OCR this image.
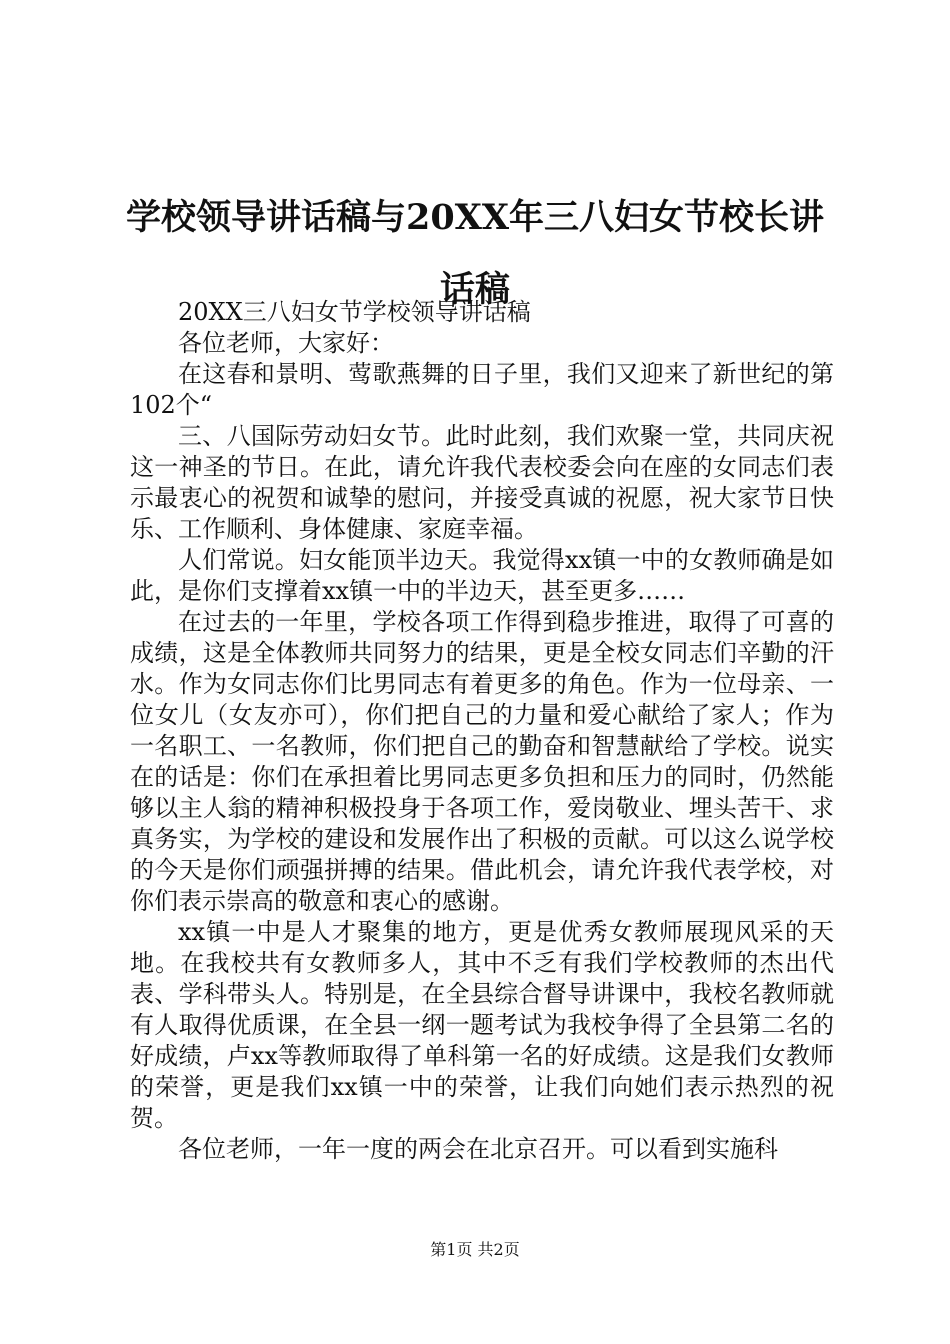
学校领导讲话稿与20XX年三八妇女节校长讲话稿

20XX三八妇女节学校领导讲话稿

各位老师，大家好：

在这春和景明、莺歌燕舞的日子里，我们又迎来了新世纪的第102个“

三、八国际劳动妇女节。此时此刻，我们欢聚一堂，共同庆祝这一神圣的节日。在此，请允许我代表校委会向在座的女同志们表示最衷心的祝贺和诚挚的慰问，并接受真诚的祝愿，祝大家节日快乐、工作顺利、身体健康、家庭幸福。

人们常说。妇女能顶半边天。我觉得xx镇一中的女教师确是如此，是你们支撑着xx镇一中的半边天，甚至更多……

在过去的一年里，学校各项工作得到稳步推进，取得了可喜的成绩，这是全体教师共同努力的结果，更是全校女同志们辛勤的汗水。作为女同志你们比男同志有着更多的角色。作为一位母亲、一位女儿（女友亦可），你们把自己的力量和爱心献给了家人；作为一名职工、一名教师，你们把自己的勤奋和智慧献给了学校。说实在的话是：你们在承担着比男同志更多负担和压力的同时，仍然能够以主人翁的精神积极投身于各项工作，爱岗敬业、埋头苦干、求真务实，为学校的建设和发展作出了积极的贡献。可以这么说学校的今天是你们顽强拼搏的结果。借此机会，请允许我代表学校，对你们表示崇高的敬意和衷心的感谢。

xx镇一中是人才聚集的地方，更是优秀女教师展现风采的天地。在我校共有女教师多人，其中不乏有我们学校教师的杰出代表、学科带头人。特别是，在全县综合督导讲课中，我校名教师就有人取得优质课，在全县一纲一题考试为我校争得了全县第二名的好成绩，卢xx等教师取得了单科第一名的好成绩。这是我们女教师的荣誉，更是我们xx镇一中的荣誉，让我们向她们表示热烈的祝贺。

各位老师，一年一度的两会在北京召开。可以看到实施科

第1页 共2页
